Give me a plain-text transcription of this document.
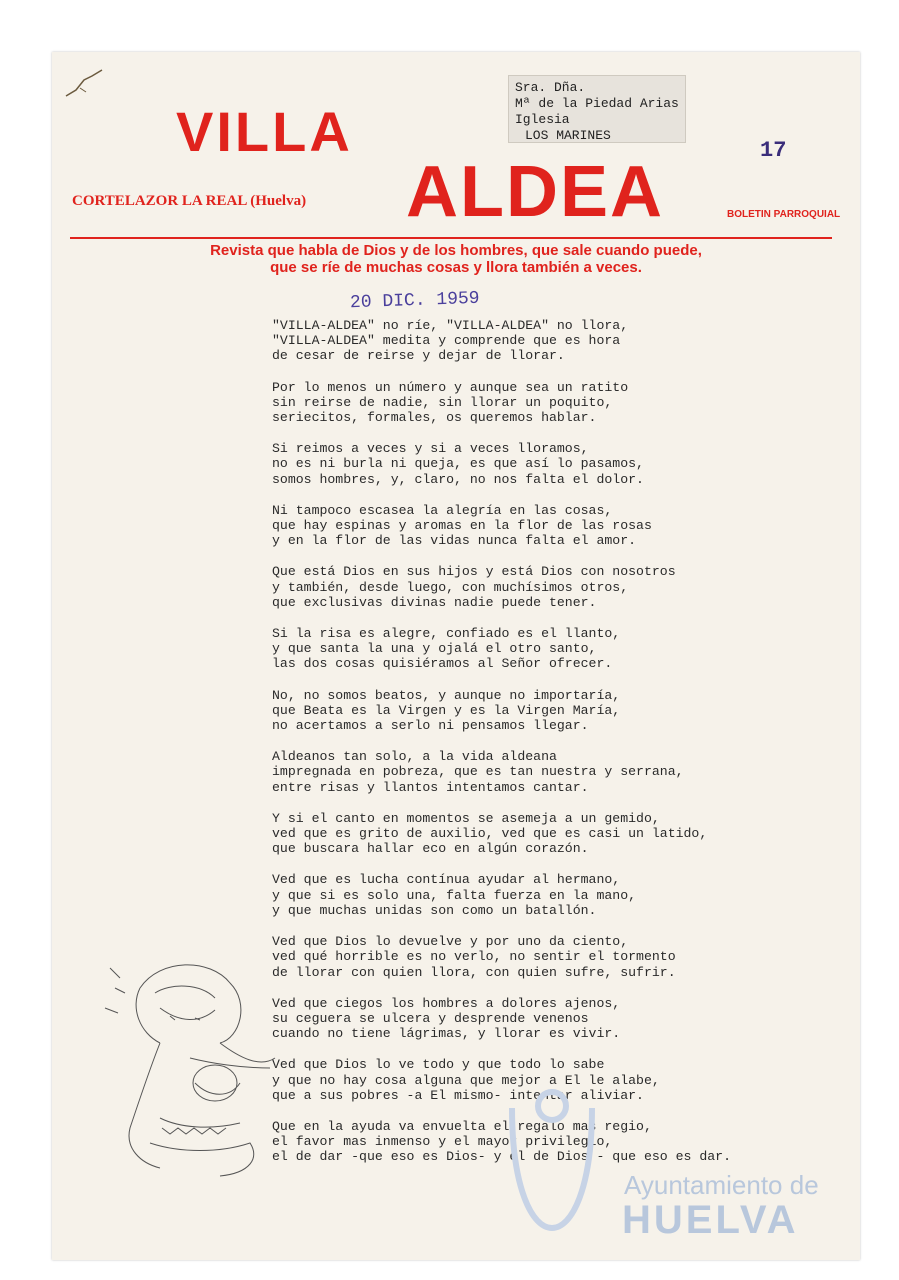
VILLA
ALDEA
Sra. Dña.
Mª de la Piedad Arias
Iglesia
LOS MARINES
17
CORTELAZOR LA REAL (Huelva)
BOLETIN PARROQUIAL
Revista que habla de Dios y de los hombres, que sale cuando puede,
que se ríe de muchas cosas y llora también a veces.
20 DIC. 1959
"VILLA-ALDEA" no ríe, "VILLA-ALDEA" no llora,
"VILLA-ALDEA" medita y comprende que es hora
de cesar de reirse y dejar de llorar.
Por lo menos un número y aunque sea un ratito
sin reirse de nadie, sin llorar un poquito,
seriecitos, formales, os queremos hablar.
Si reimos a veces y si a veces lloramos,
no es ni burla ni queja, es que así lo pasamos,
somos hombres, y, claro, no nos falta el dolor.
Ni tampoco escasea la alegría en las cosas,
que hay espinas y aromas en la flor de las rosas
y en la flor de las vidas nunca falta el amor.
Que está Dios en sus hijos y está Dios con nosotros
y también, desde luego, con muchísimos otros,
que exclusivas divinas nadie puede tener.
Si la risa es alegre, confiado es el llanto,
y que santa la una y ojalá el otro santo,
las dos cosas quisiéramos al Señor ofrecer.
No, no somos beatos, y aunque no importaría,
que Beata es la Virgen y es la Virgen María,
no acertamos a serlo ni pensamos llegar.
Aldeanos tan solo, a la vida aldeana
impregnada en pobreza, que es tan nuestra y serrana,
entre risas y llantos intentamos cantar.
Y si el canto en momentos se asemeja a un gemido,
ved que es grito de auxilio, ved que es casi un latido,
que buscara hallar eco en algún corazón.
Ved que es lucha contínua ayudar al hermano,
y que si es solo una, falta fuerza en la mano,
y que muchas unidas son como un batallón.
Ved que Dios lo devuelve y por uno da ciento,
ved qué horrible es no verlo, no sentir el tormento
de llorar con quien llora, con quien sufre, sufrir.
Ved que ciegos los hombres a dolores ajenos,
su ceguera se ulcera y desprende venenos
cuando no tiene lágrimas, y llorar es vivir.
Ved que Dios lo ve todo y que todo lo sabe
y que no hay cosa alguna que mejor a El le alabe,
que a sus pobres -a El mismo- intentar aliviar.
Que en la ayuda va envuelta el regalo mas regio,
el favor mas inmenso y el mayor privilegio,
el de dar -que eso es Dios- y el de Dios - que eso es dar.
Ayuntamiento de
HUELVA
